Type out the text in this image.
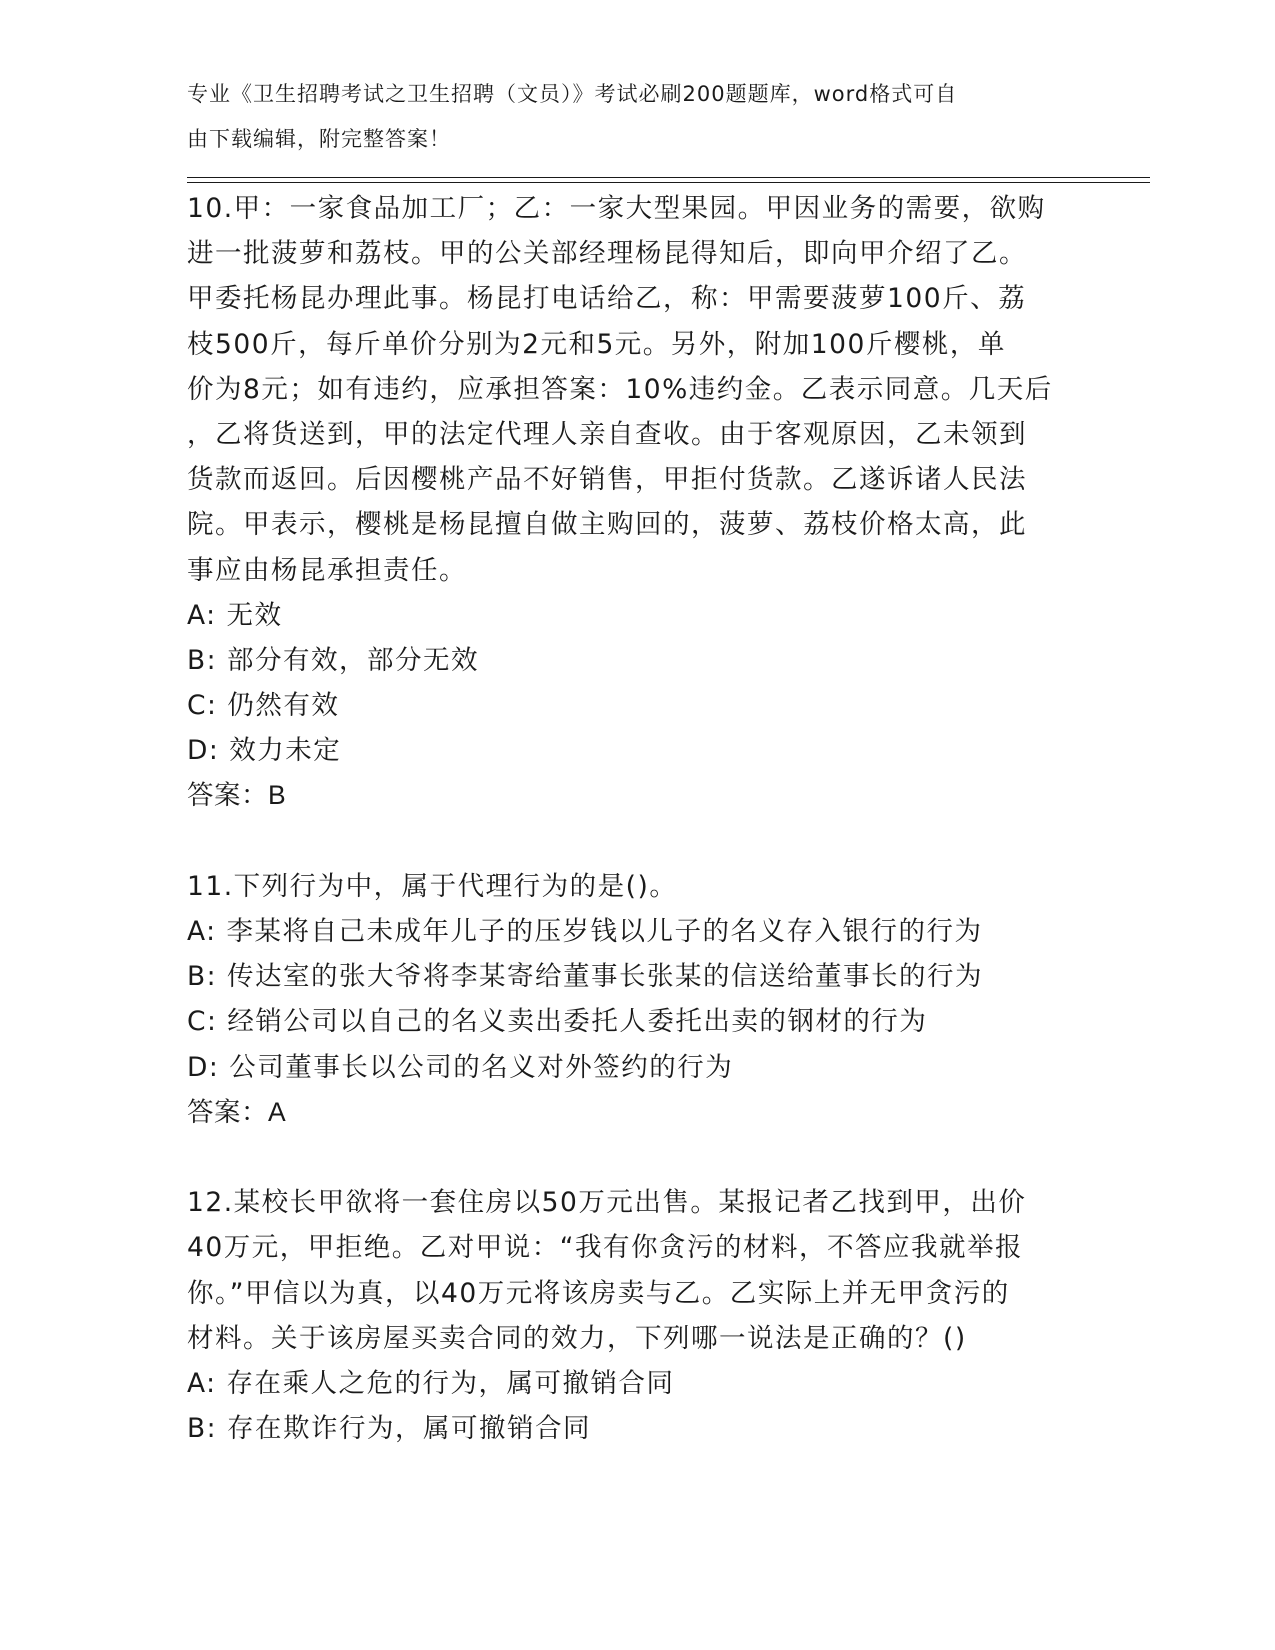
专业《卫生招聘考试之卫生招聘（文员）》考试必刷200题题库，word格式可自
由下载编辑，附完整答案！
10.甲：一家食品加工厂；乙：一家大型果园。甲因业务的需要，欲购
进一批菠萝和荔枝。甲的公关部经理杨昆得知后，即向甲介绍了乙。
甲委托杨昆办理此事。杨昆打电话给乙，称：甲需要菠萝100斤、荔
枝500斤，每斤单价分别为2元和5元。另外，附加100斤樱桃，单
价为8元；如有违约，应承担答案：10%违约金。乙表示同意。几天后
，乙将货送到，甲的法定代理人亲自查收。由于客观原因，乙未领到
货款而返回。后因樱桃产品不好销售，甲拒付货款。乙遂诉诸人民法
院。甲表示，樱桃是杨昆擅自做主购回的，菠萝、荔枝价格太高，此
事应由杨昆承担责任。
A: 无效
B: 部分有效，部分无效
C: 仍然有效
D: 效力未定
答案：B
11.下列行为中，属于代理行为的是()。
A: 李某将自己未成年儿子的压岁钱以儿子的名义存入银行的行为
B: 传达室的张大爷将李某寄给董事长张某的信送给董事长的行为
C: 经销公司以自己的名义卖出委托人委托出卖的钢材的行为
D: 公司董事长以公司的名义对外签约的行为
答案：A
12.某校长甲欲将一套住房以50万元出售。某报记者乙找到甲，出价
40万元，甲拒绝。乙对甲说：“我有你贪污的材料，不答应我就举报
你。”甲信以为真，以40万元将该房卖与乙。乙实际上并无甲贪污的
材料。关于该房屋买卖合同的效力，下列哪一说法是正确的？()
A: 存在乘人之危的行为，属可撤销合同
B: 存在欺诈行为，属可撤销合同
